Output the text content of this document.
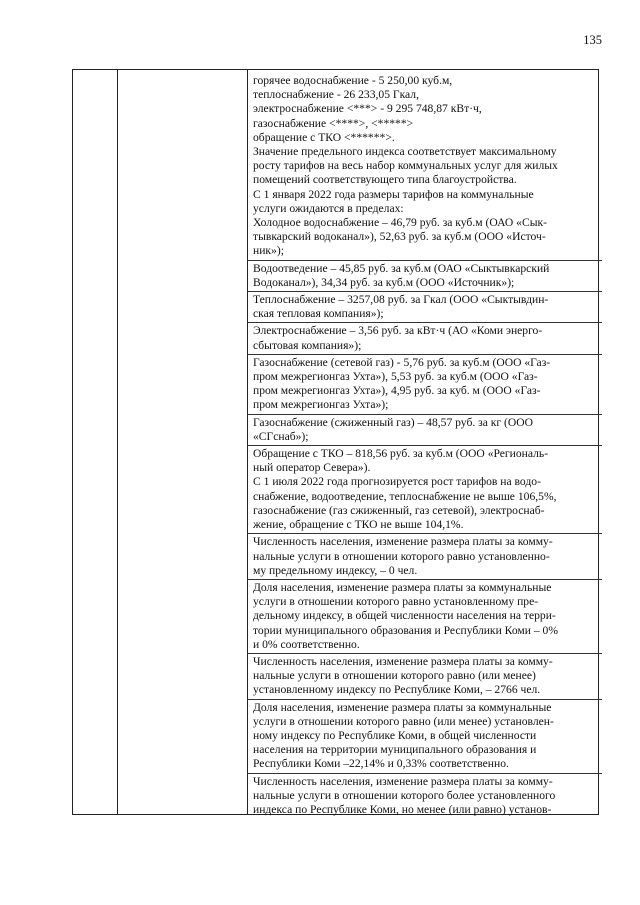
135
горячее водоснабжение - 5 250,00 куб.м,
теплоснабжение - 26 233,05 Гкал,
электроснабжение <***> - 9 295 748,87 кВт·ч,
газоснабжение <****>, <*****>
обращение с ТКО <******>.
Значение предельного индекса соответствует максимальному
росту тарифов на весь набор коммунальных услуг для жилых
помещений соответствующего типа благоустройства.
С 1 января 2022 года размеры тарифов на коммунальные
услуги ожидаются в пределах:
Холодное водоснабжение – 46,79 руб. за куб.м (ОАО «Сык-
тывкарский водоканал»), 52,63 руб. за куб.м (ООО «Источ-
ник»);
Водоотведение – 45,85 руб. за куб.м (ОАО «Сыктывкарский
Водоканал»), 34,34 руб. за куб.м (ООО «Источник»);
Теплоснабжение – 3257,08 руб. за Гкал (ООО «Сыктывдин-
ская тепловая компания»);
Электроснабжение – 3,56 руб. за кВт·ч (АО «Коми энерго-
сбытовая компания»);
Газоснабжение (сетевой газ) - 5,76 руб. за куб.м (ООО «Газ-
пром межрегионгаз Ухта»), 5,53 руб. за куб.м (ООО «Газ-
пром межрегионгаз Ухта»), 4,95 руб. за куб. м (ООО «Газ-
пром межрегионгаз Ухта»);
Газоснабжение (сжиженный газ) – 48,57 руб. за кг (ООО
«СГснаб»);
Обращение с ТКО – 818,56 руб. за куб.м (ООО «Региональ-
ный оператор Севера»).
С 1 июля 2022 года прогнозируется рост тарифов на водо-
снабжение, водоотведение, теплоснабжение не выше 106,5%,
газоснабжение (газ сжиженный, газ сетевой), электроснаб-
жение, обращение с ТКО не выше 104,1%.
Численность населения, изменение размера платы за комму-
нальные услуги в отношении которого равно установленно-
му предельному индексу, – 0 чел.
Доля населения, изменение размера платы за коммунальные
услуги в отношении которого равно установленному пре-
дельному индексу, в общей численности населения на терри-
тории муниципального образования и Республики Коми – 0%
и 0% соответственно.
Численность населения, изменение размера платы за комму-
нальные услуги в отношении которого равно (или менее)
установленному индексу по Республике Коми, – 2766 чел.
Доля населения, изменение размера платы за коммунальные
услуги в отношении которого равно (или менее) установлен-
ному индексу по Республике Коми, в общей численности
населения на территории муниципального образования и
Республики Коми –22,14% и 0,33% соответственно.
Численность населения, изменение размера платы за комму-
нальные услуги в отношении которого более установленного
индекса по Республике Коми, но менее (или равно) установ-
